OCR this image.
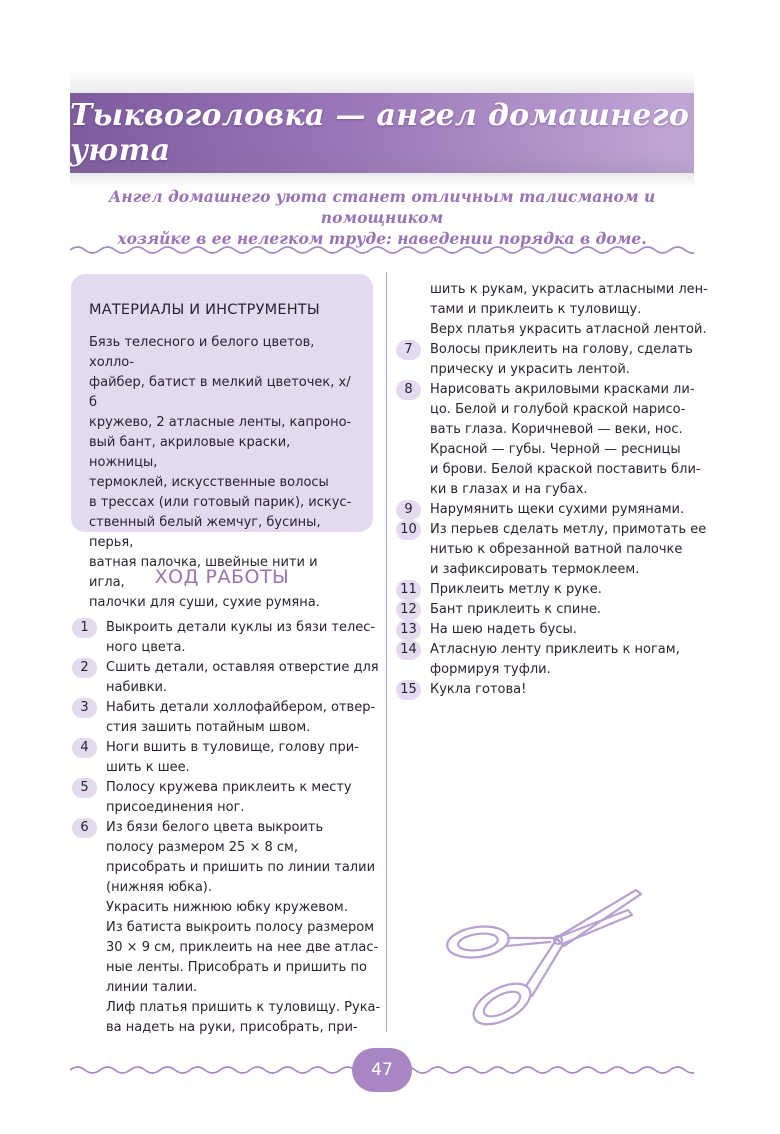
Тыквоголовка — ангел домашнего уюта
Ангел домашнего уюта станет отличным талисманом и помощником
хозяйке в ее нелегком труде: наведении порядка в доме.
МАТЕРИАЛЫ И ИНСТРУМЕНТЫ

Бязь телесного и белого цветов, холло-
файбер, батист в мелкий цветочек, х/б
кружево, 2 атласные ленты, капроно-
вый бант, акриловые краски, ножницы,
термоклей, искусственные волосы
в трессах (или готовый парик), искус-
ственный белый жемчуг, бусины, перья,
ватная палочка, швейные нити и игла,
палочки для суши, сухие румяна.

ХОД РАБОТЫ
1	Выкроить детали куклы из бязи телес-
ного цвета.
2	Сшить детали, оставляя отверстие для
набивки.
3	Набить детали холлофайбером, отвер-
стия зашить потайным швом.
4	Ноги вшить в туловище, голову при-
шить к шее.
5	Полосу кружева приклеить к месту
присоединения ног.
6	Из бязи белого цвета выкроить
полосу размером 25 × 8 см,
присобрать и пришить по линии талии
(нижняя юбка).
Украсить нижнюю юбку кружевом.
Из батиста выкроить полосу размером
30 × 9 см, приклеить на нее две атлас-
ные ленты. Присобрать и пришить по
линии талии.
Лиф платья пришить к туловищу. Рука-
ва надеть на руки, присобрать, при-
шить к рукам, украсить атласными лен-
тами и приклеить к туловищу.
Верх платья украсить атласной лентой.
7	Волосы приклеить на голову, сделать
прическу и украсить лентой.
8	Нарисовать акриловыми красками ли-
цо. Белой и голубой краской нарисо-
вать глаза. Коричневой — веки, нос.
Красной — губы. Черной — ресницы
и брови. Белой краской поставить бли-
ки в глазах и на губах.
9	Нарумянить щеки сухими румянами.
10	Из перьев сделать метлу, примотать ее
нитью к обрезанной ватной палочке
и зафиксировать термоклеем.
11	Приклеить метлу к руке.
12	Бант приклеить к спине.
13	На шею надеть бусы.
14	Атласную ленту приклеить к ногам,
формируя туфли.
15	Кукла готова!
47
